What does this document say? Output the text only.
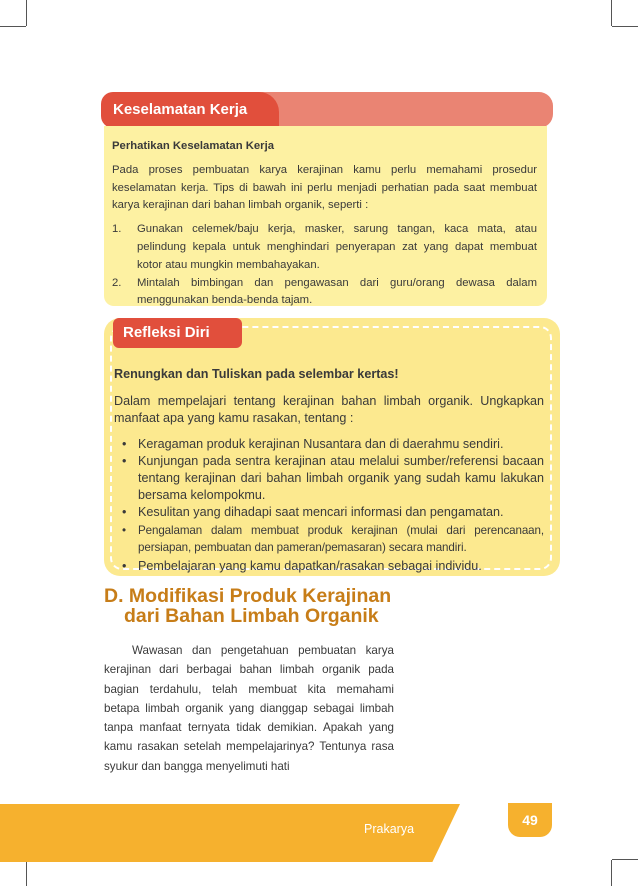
Keselamatan Kerja
Perhatikan Keselamatan Kerja
Pada proses pembuatan karya kerajinan kamu perlu memahami prosedur keselamatan kerja. Tips di bawah ini perlu menjadi perhatian pada saat membuat karya kerajinan dari bahan limbah organik, seperti :
1. Gunakan celemek/baju kerja, masker, sarung tangan, kaca mata, atau pelindung kepala untuk menghindari penyerapan zat yang dapat membuat kotor atau mungkin membahayakan.
2. Mintalah bimbingan dan pengawasan dari guru/orang dewasa dalam menggunakan benda-benda tajam.
Refleksi Diri
Renungkan dan Tuliskan pada selembar kertas!
Dalam mempelajari tentang kerajinan bahan limbah organik. Ungkapkan manfaat apa yang kamu rasakan, tentang :
• Keragaman produk kerajinan Nusantara dan di daerahmu sendiri.
• Kunjungan pada sentra kerajinan atau melalui sumber/referensi bacaan tentang kerajinan dari bahan limbah organik yang sudah kamu lakukan bersama kelompokmu.
• Kesulitan yang dihadapi saat mencari informasi dan pengamatan.
• Pengalaman dalam membuat produk kerajinan (mulai dari perencanaan, persiapan, pembuatan dan pameran/pemasaran) secara mandiri.
• Pembelajaran yang kamu dapatkan/rasakan sebagai individu.
D. Modifikasi Produk Kerajinan
dari Bahan Limbah Organik
Wawasan dan pengetahuan pembuatan karya kerajinan dari berbagai bahan limbah organik pada bagian terdahulu, telah membuat kita memahami betapa limbah organik yang dianggap sebagai limbah tanpa manfaat ternyata tidak demikian. Apakah yang kamu rasakan setelah mempelajarinya? Tentunya rasa syukur dan bangga menyelimuti hati
Prakarya
49
